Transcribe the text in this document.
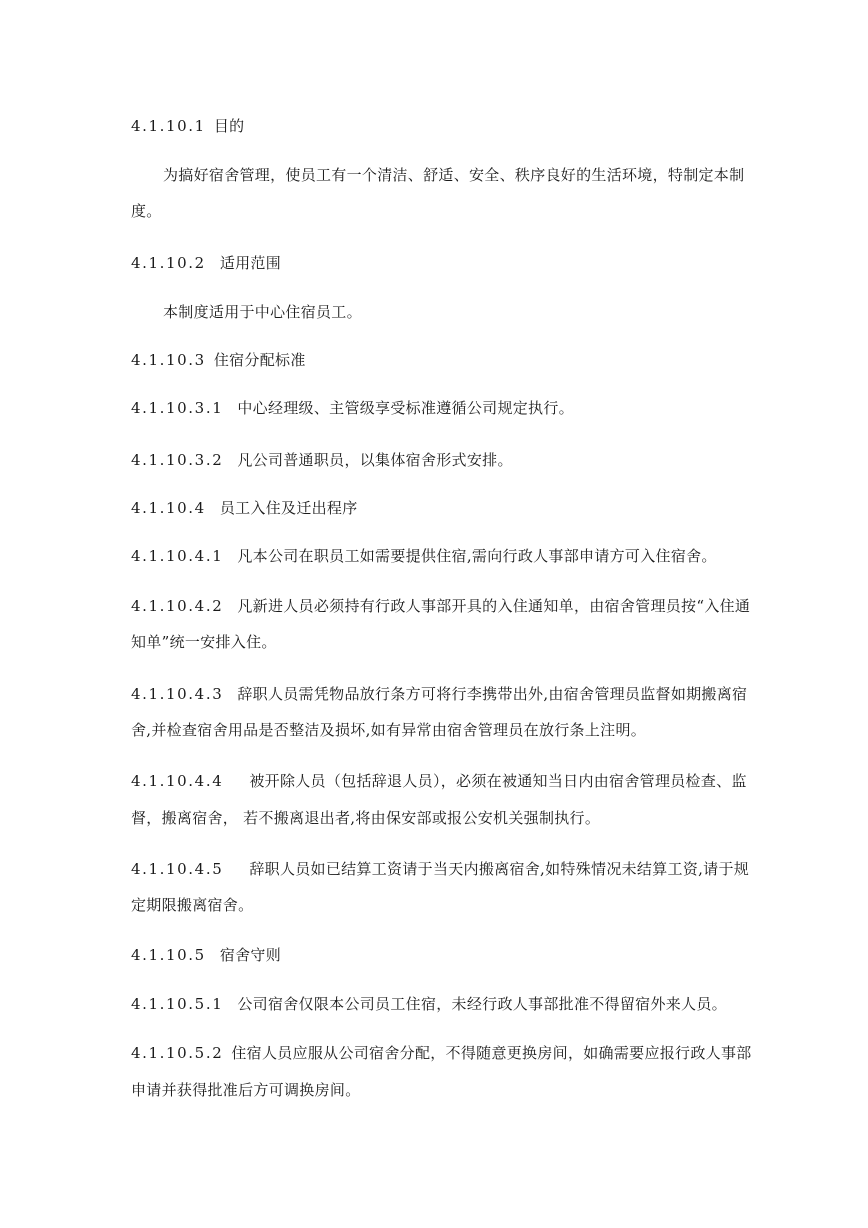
4.1.10.1 目的
为搞好宿舍管理，使员工有一个清洁、舒适、安全、秩序良好的生活环境，特制定本制
度。
4.1.10.2 适用范围
本制度适用于中心住宿员工。
4.1.10.3 住宿分配标准
4.1.10.3.1 中心经理级、主管级享受标准遵循公司规定执行。
4.1.10.3.2 凡公司普通职员，以集体宿舍形式安排。
4.1.10.4 员工入住及迁出程序
4.1.10.4.1 凡本公司在职员工如需要提供住宿,需向行政人事部申请方可入住宿舍。
4.1.10.4.2 凡新进人员必须持有行政人事部开具的入住通知单，由宿舍管理员按“入住通
知单”统一安排入住。
4.1.10.4.3 辞职人员需凭物品放行条方可将行李携带出外,由宿舍管理员监督如期搬离宿
舍,并检查宿舍用品是否整洁及损坏,如有异常由宿舍管理员在放行条上注明。
4.1.10.4.4 被开除人员（包括辞退人员），必须在被通知当日内由宿舍管理员检查、监
督，搬离宿舍， 若不搬离退出者,将由保安部或报公安机关强制执行。
4.1.10.4.5 辞职人员如已结算工资请于当天内搬离宿舍,如特殊情况未结算工资,请于规
定期限搬离宿舍。
4.1.10.5 宿舍守则
4.1.10.5.1 公司宿舍仅限本公司员工住宿，未经行政人事部批准不得留宿外来人员。
4.1.10.5.2 住宿人员应服从公司宿舍分配，不得随意更换房间，如确需要应报行政人事部
申请并获得批准后方可调换房间。
